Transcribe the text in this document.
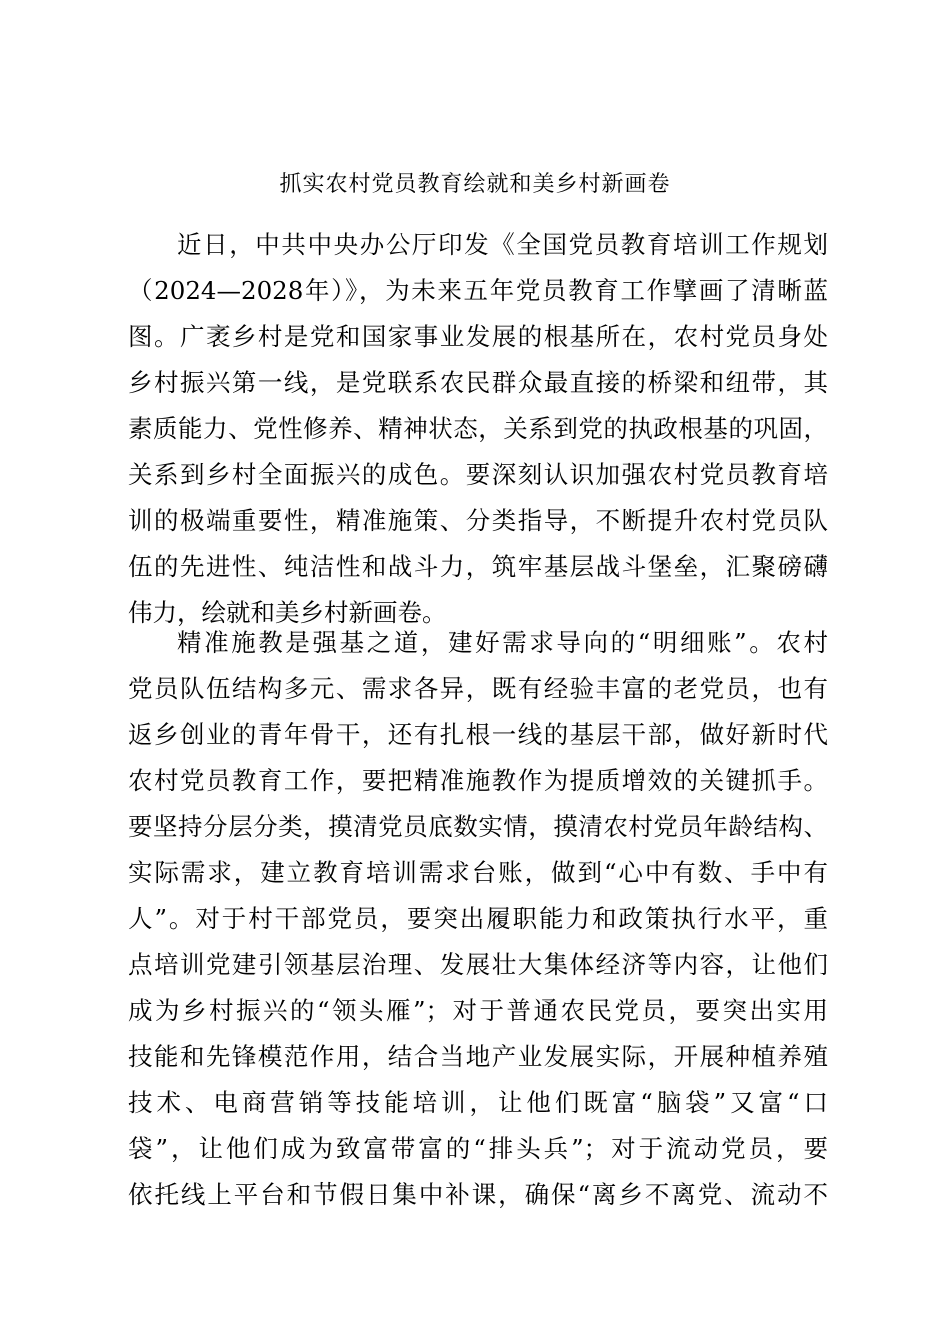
抓实农村党员教育绘就和美乡村新画卷
近日，中共中央办公厅印发《全国党员教育培训工作规划
（2024—2028年）》，为未来五年党员教育工作擘画了清晰蓝
图。广袤乡村是党和国家事业发展的根基所在，农村党员身处
乡村振兴第一线，是党联系农民群众最直接的桥梁和纽带，其
素质能力、党性修养、精神状态，关系到党的执政根基的巩固，
关系到乡村全面振兴的成色。要深刻认识加强农村党员教育培
训的极端重要性，精准施策、分类指导，不断提升农村党员队
伍的先进性、纯洁性和战斗力，筑牢基层战斗堡垒，汇聚磅礴
伟力，绘就和美乡村新画卷。
精准施教是强基之道，建好需求导向的“明细账”。农村
党员队伍结构多元、需求各异，既有经验丰富的老党员，也有
返乡创业的青年骨干，还有扎根一线的基层干部，做好新时代
农村党员教育工作，要把精准施教作为提质增效的关键抓手。
要坚持分层分类，摸清党员底数实情，摸清农村党员年龄结构、
实际需求，建立教育培训需求台账，做到“心中有数、手中有
人”。对于村干部党员，要突出履职能力和政策执行水平，重
点培训党建引领基层治理、发展壮大集体经济等内容，让他们
成为乡村振兴的“领头雁”；对于普通农民党员，要突出实用
技能和先锋模范作用，结合当地产业发展实际，开展种植养殖
技术、电商营销等技能培训，让他们既富“脑袋”又富“口
袋”，让他们成为致富带富的“排头兵”；对于流动党员，要
依托线上平台和节假日集中补课，确保“离乡不离党、流动不
